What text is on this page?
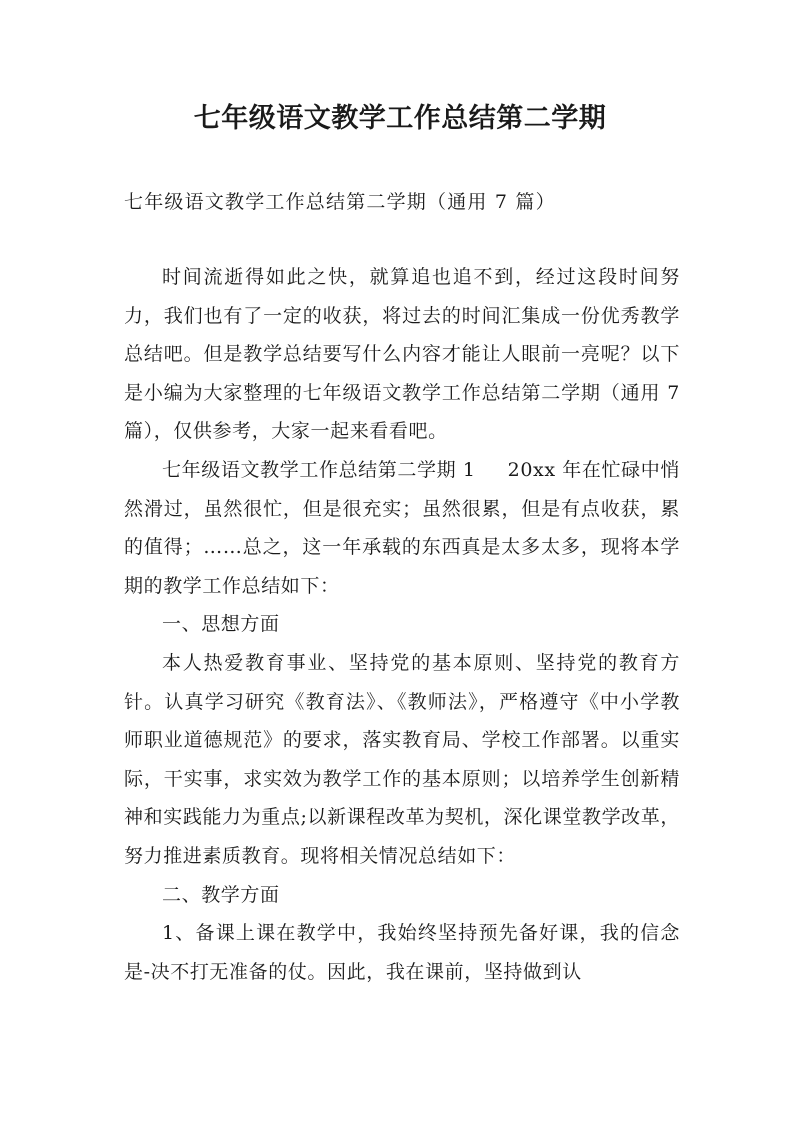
七年级语文教学工作总结第二学期

七年级语文教学工作总结第二学期（通用 7 篇）

时间流逝得如此之快，就算追也追不到，经过这段时间努力，我们也有了一定的收获，将过去的时间汇集成一份优秀教学总结吧。但是教学总结要写什么内容才能让人眼前一亮呢？以下是小编为大家整理的七年级语文教学工作总结第二学期（通用 7 篇），仅供参考，大家一起来看看吧。

七年级语文教学工作总结第二学期 1 20xx 年在忙碌中悄然滑过，虽然很忙，但是很充实；虽然很累，但是有点收获，累的值得；……总之，这一年承载的东西真是太多太多，现将本学期的教学工作总结如下：

一、思想方面

本人热爱教育事业、坚持党的基本原则、坚持党的教育方针。认真学习研究《教育法》、《教师法》，严格遵守《中小学教师职业道德规范》的要求，落实教育局、学校工作部署。以重实际，干实事，求实效为教学工作的基本原则；以培养学生创新精神和实践能力为重点;以新课程改革为契机，深化课堂教学改革，努力推进素质教育。现将相关情况总结如下：

二、教学方面

1、备课上课在教学中，我始终坚持预先备好课，我的信念是-决不打无准备的仗。因此，我在课前，坚持做到认
